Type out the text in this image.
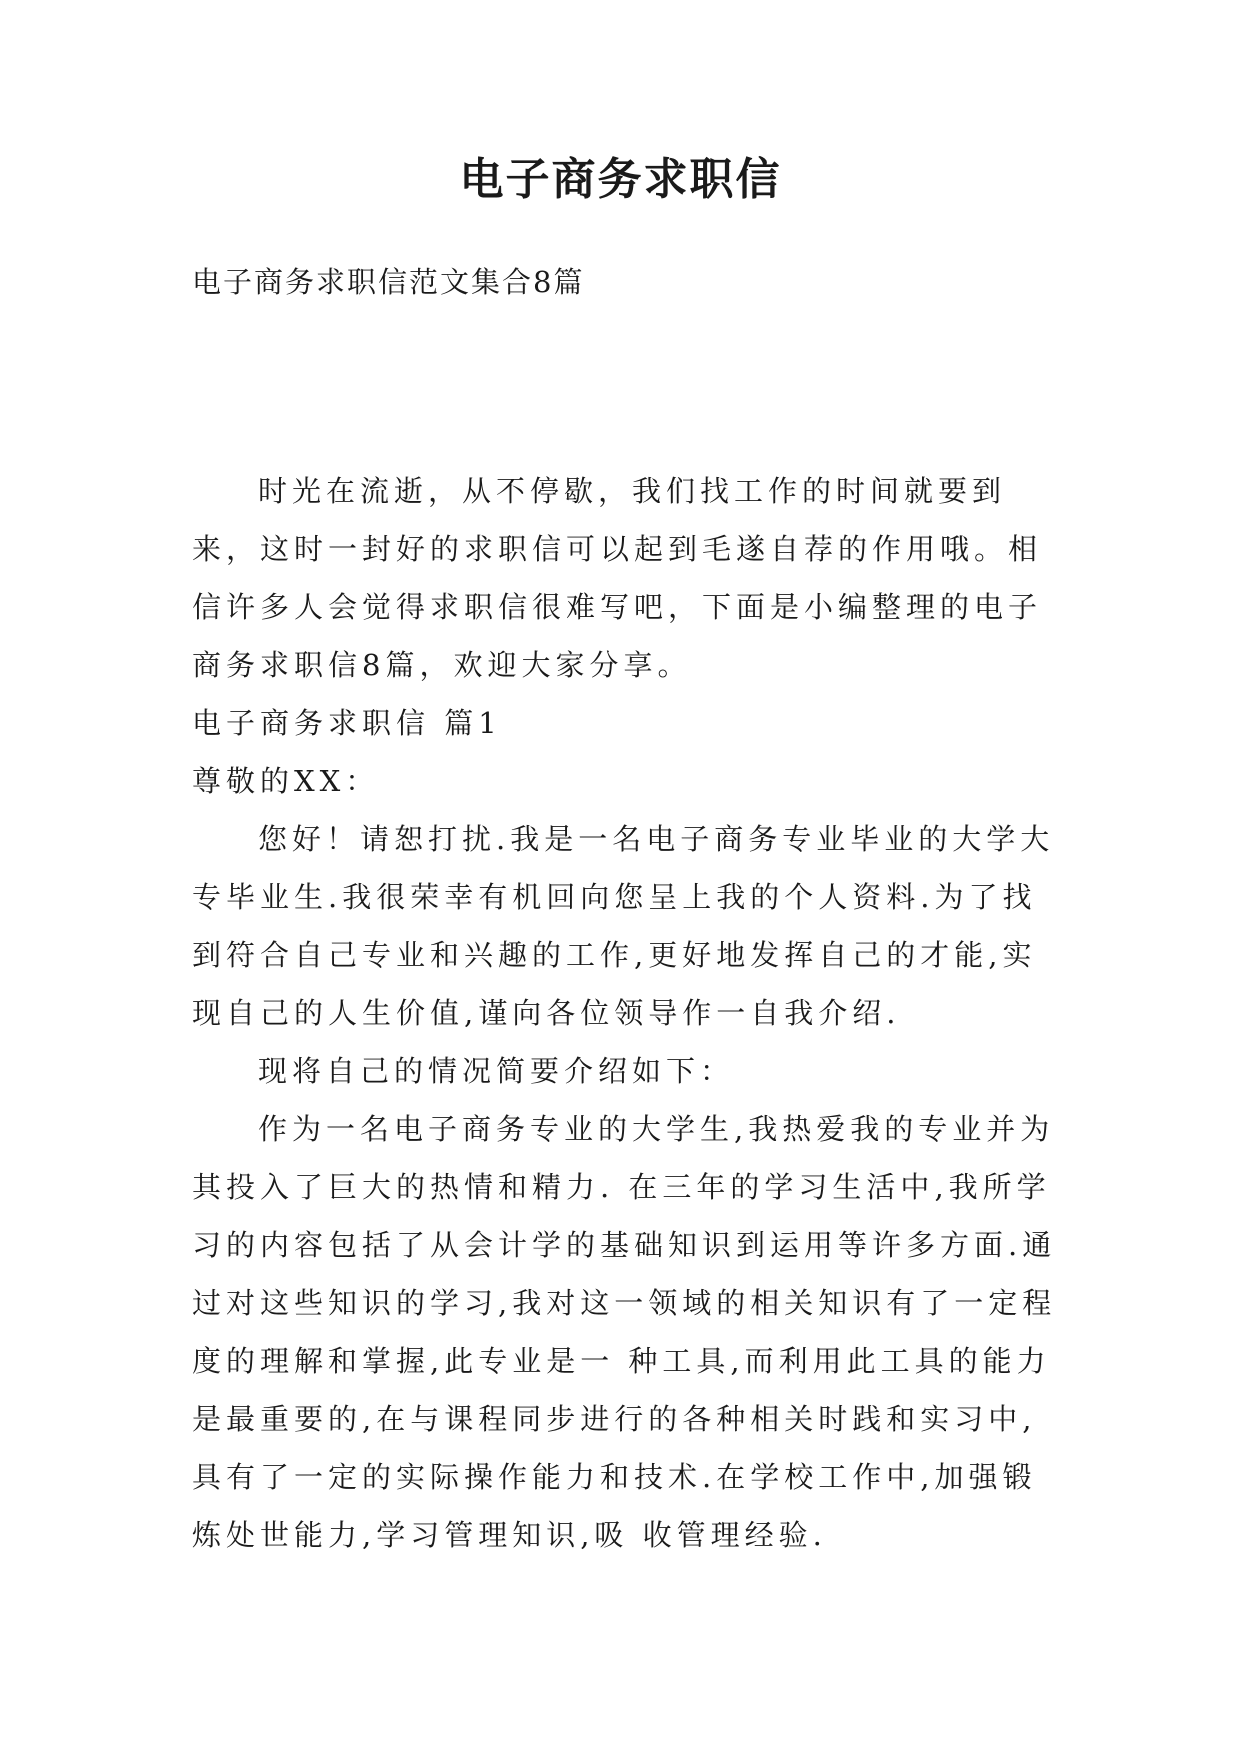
电子商务求职信
电子商务求职信范文集合8篇

时光在流逝，从不停歇，我们找工作的时间就要到来，这时一封好的求职信可以起到毛遂自荐的作用哦。相信许多人会觉得求职信很难写吧，下面是小编整理的电子商务求职信8篇，欢迎大家分享。

电子商务求职信 篇1

尊敬的XX：

您好！请恕打扰.我是一名电子商务专业毕业的大学大专毕业生.我很荣幸有机回向您呈上我的个人资料.为了找到符合自己专业和兴趣的工作,更好地发挥自己的才能,实现自己的人生价值,谨向各位领导作一自我介绍.

现将自己的情况简要介绍如下：

作为一名电子商务专业的大学生,我热爱我的专业并为其投入了巨大的热情和精力. 在三年的学习生活中,我所学习的内容包括了从会计学的基础知识到运用等许多方面.通过对这些知识的学习,我对这一领域的相关知识有了一定程度的理解和掌握,此专业是一 种工具,而利用此工具的能力是最重要的,在与课程同步进行的各种相关时践和实习中,具有了一定的实际操作能力和技术.在学校工作中,加强锻炼处世能力,学习管理知识,吸 收管理经验.
